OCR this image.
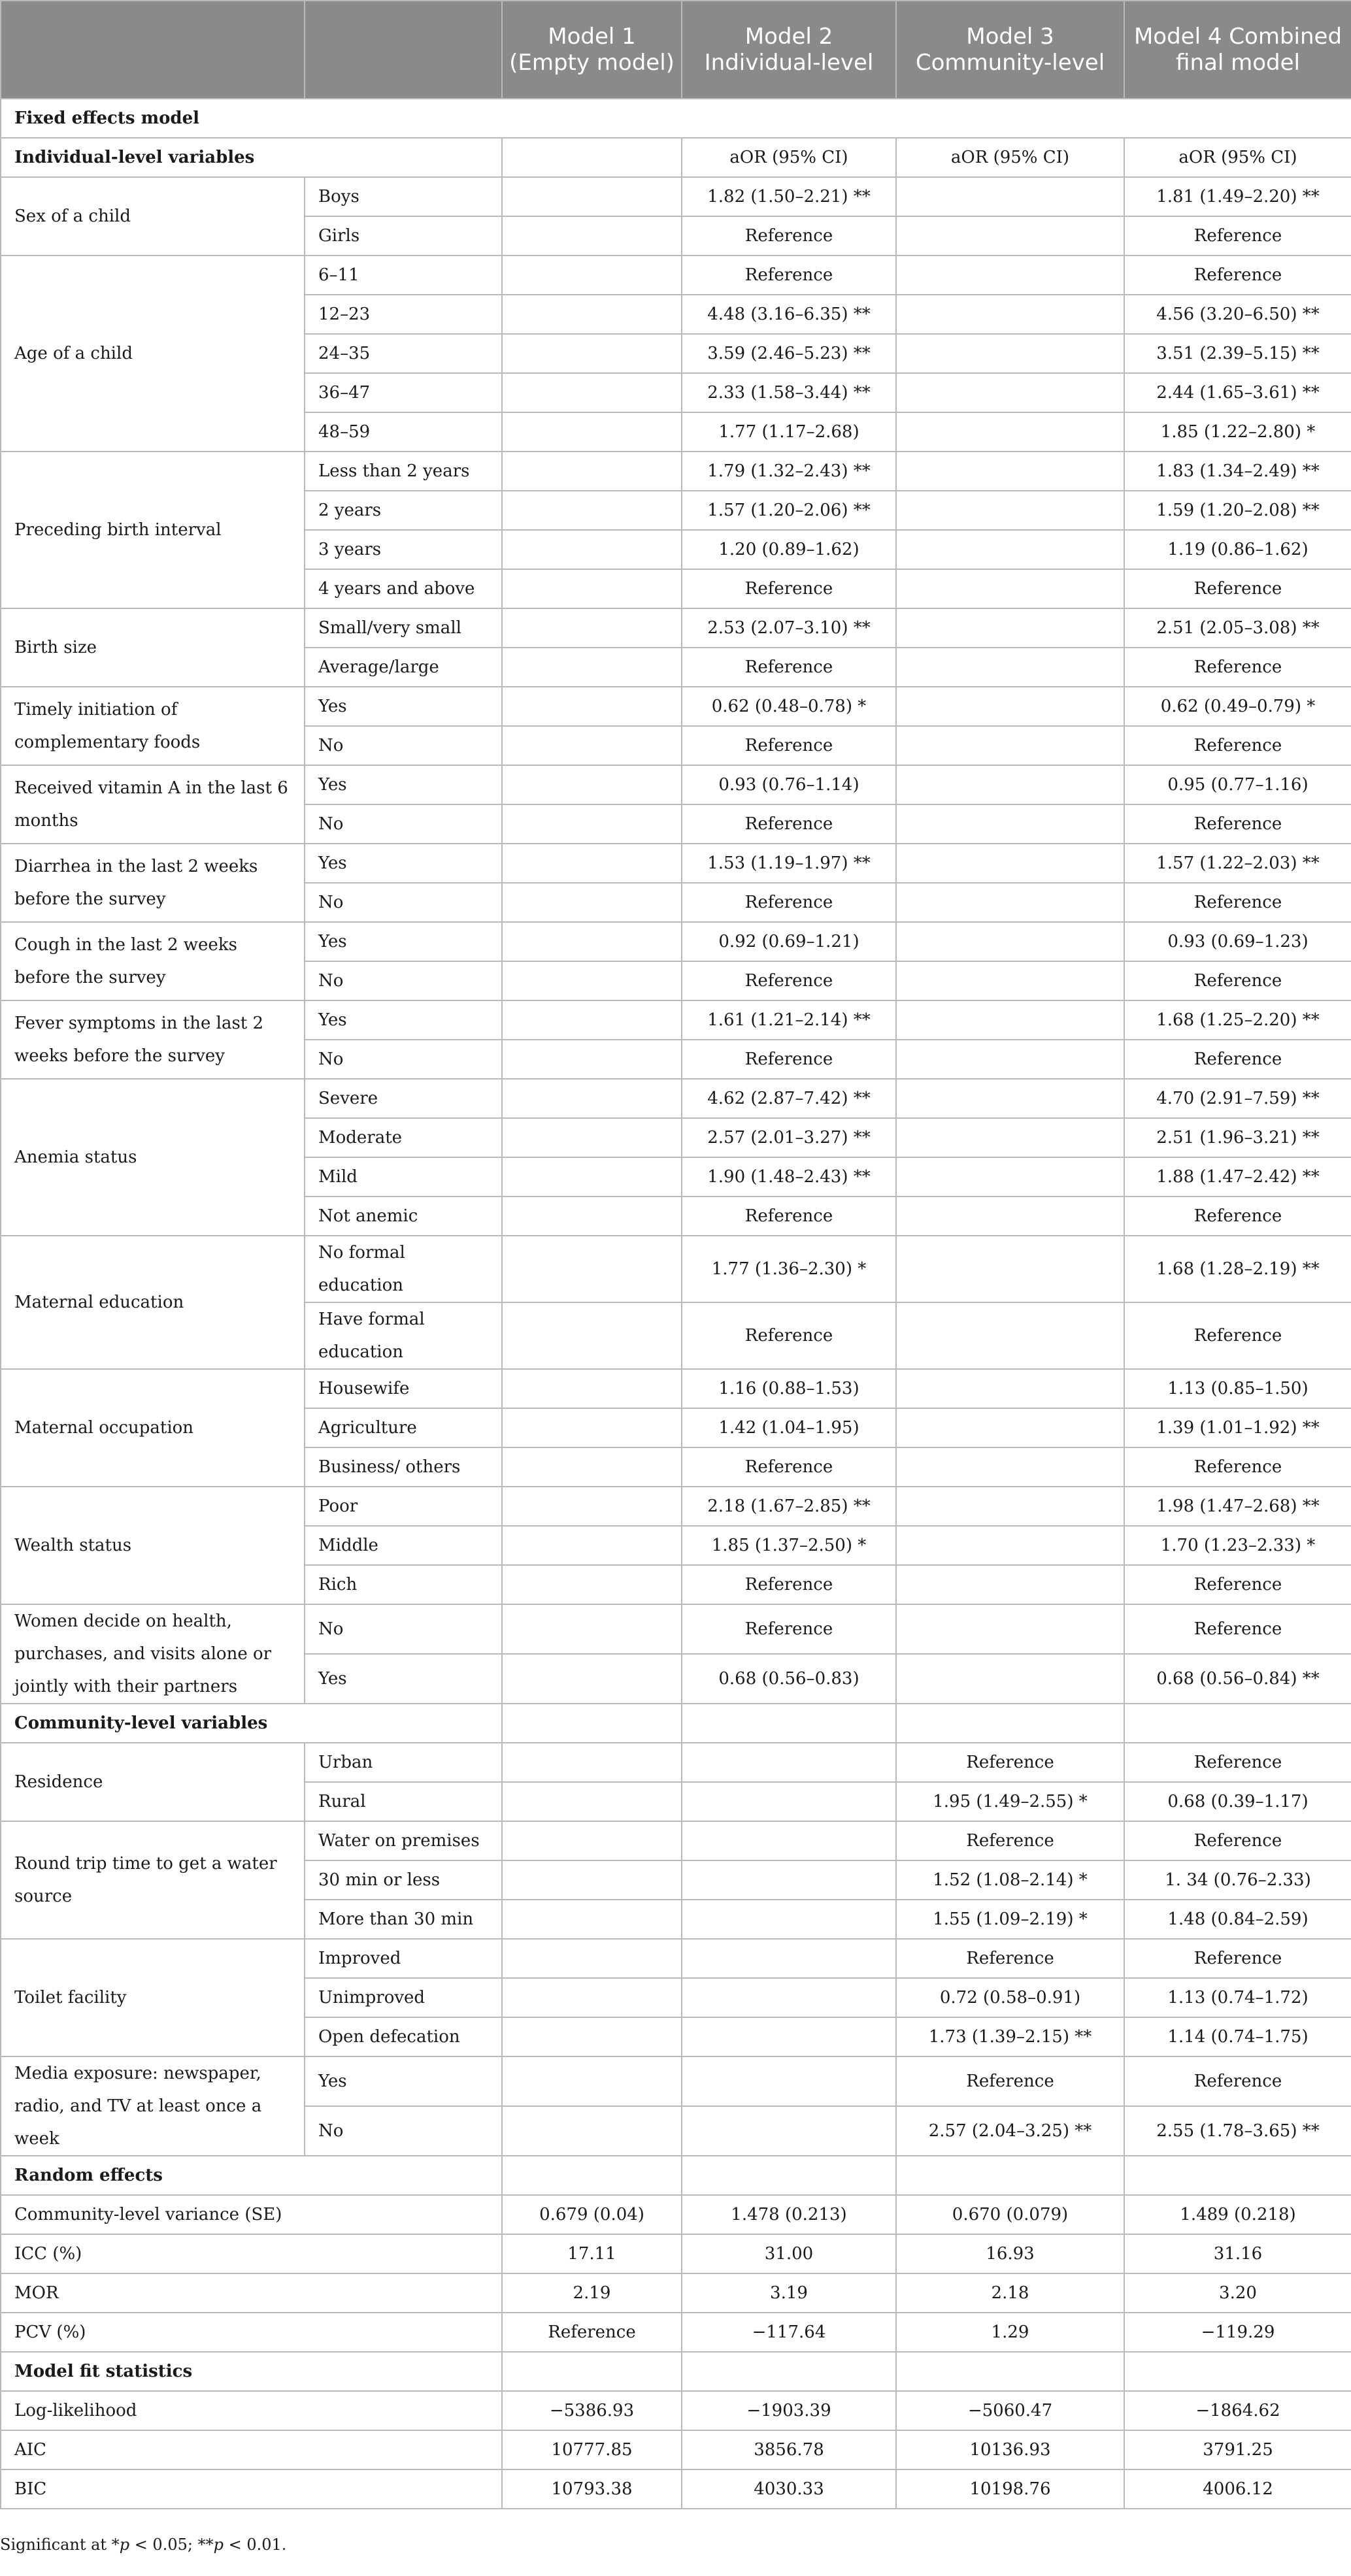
		Model 1 (Empty model)	Model 2 Individual-level	Model 3 Community-level	Model 4 Combined final model
Fixed effects model					
Individual-level variables			aOR (95% CI)	aOR (95% CI)	aOR (95% CI)
Sex of a child	Boys		1.82 (1.50–2.21) **		1.81 (1.49–2.20) **
	Girls		Reference		Reference
Age of a child	6–11		Reference		Reference
	12–23		4.48 (3.16–6.35) **		4.56 (3.20–6.50) **
	24–35		3.59 (2.46–5.23) **		3.51 (2.39–5.15) **
	36–47		2.33 (1.58–3.44) **		2.44 (1.65–3.61) **
	48–59		1.77 (1.17–2.68)		1.85 (1.22–2.80) *
Preceding birth interval	Less than 2 years		1.79 (1.32–2.43) **		1.83 (1.34–2.49) **
	2 years		1.57 (1.20–2.06) **		1.59 (1.20–2.08) **
	3 years		1.20 (0.89–1.62)		1.19 (0.86–1.62)
	4 years and above		Reference		Reference
Birth size	Small/very small		2.53 (2.07–3.10) **		2.51 (2.05–3.08) **
	Average/large		Reference		Reference
Timely initiation of complementary foods	Yes		0.62 (0.48–0.78) *		0.62 (0.49–0.79) *
	No		Reference		Reference
Received vitamin A in the last 6 months	Yes		0.93 (0.76–1.14)		0.95 (0.77–1.16)
	No		Reference		Reference
Diarrhea in the last 2 weeks before the survey	Yes		1.53 (1.19–1.97) **		1.57 (1.22–2.03) **
	No		Reference		Reference
Cough in the last 2 weeks before the survey	Yes		0.92 (0.69–1.21)		0.93 (0.69–1.23)
	No		Reference		Reference
Fever symptoms in the last 2 weeks before the survey	Yes		1.61 (1.21–2.14) **		1.68 (1.25–2.20) **
	No		Reference		Reference
Anemia status	Severe		4.62 (2.87–7.42) **		4.70 (2.91–7.59) **
	Moderate		2.57 (2.01–3.27) **		2.51 (1.96–3.21) **
	Mild		1.90 (1.48–2.43) **		1.88 (1.47–2.42) **
	Not anemic		Reference		Reference
Maternal education	No formal education		1.77 (1.36–2.30) *		1.68 (1.28–2.19) **
	Have formal education		Reference		Reference
Maternal occupation	Housewife		1.16 (0.88–1.53)		1.13 (0.85–1.50)
	Agriculture		1.42 (1.04–1.95)		1.39 (1.01–1.92) **
	Business/ others		Reference		Reference
Wealth status	Poor		2.18 (1.67–2.85) **		1.98 (1.47–2.68) **
	Middle		1.85 (1.37–2.50) *		1.70 (1.23–2.33) *
	Rich		Reference		Reference
Women decide on health, purchases, and visits alone or jointly with their partners	No		Reference		Reference
	Yes		0.68 (0.56–0.83)		0.68 (0.56–0.84) **
Community-level variables					
Residence	Urban			Reference	Reference
	Rural			1.95 (1.49–2.55) *	0.68 (0.39–1.17)
Round trip time to get a water source	Water on premises			Reference	Reference
	30 min or less			1.52 (1.08–2.14) *	1. 34 (0.76–2.33)
	More than 30 min			1.55 (1.09–2.19) *	1.48 (0.84–2.59)
Toilet facility	Improved			Reference	Reference
	Unimproved			0.72 (0.58–0.91)	1.13 (0.74–1.72)
	Open defecation			1.73 (1.39–2.15) **	1.14 (0.74–1.75)
Media exposure: newspaper, radio, and TV at least once a week	Yes			Reference	Reference
	No			2.57 (2.04–3.25) **	2.55 (1.78–3.65) **
Random effects					
Community-level variance (SE)		0.679 (0.04)	1.478 (0.213)	0.670 (0.079)	1.489 (0.218)
ICC (%)		17.11	31.00	16.93	31.16
MOR		2.19	3.19	2.18	3.20
PCV (%)		Reference	−117.64	1.29	−119.29
Model fit statistics					
Log-likelihood		−5386.93	−1903.39	−5060.47	−1864.62
AIC		10777.85	3856.78	10136.93	3791.25
BIC		10793.38	4030.33	10198.76	4006.12
Significant at *p < 0.05; **p < 0.01.
